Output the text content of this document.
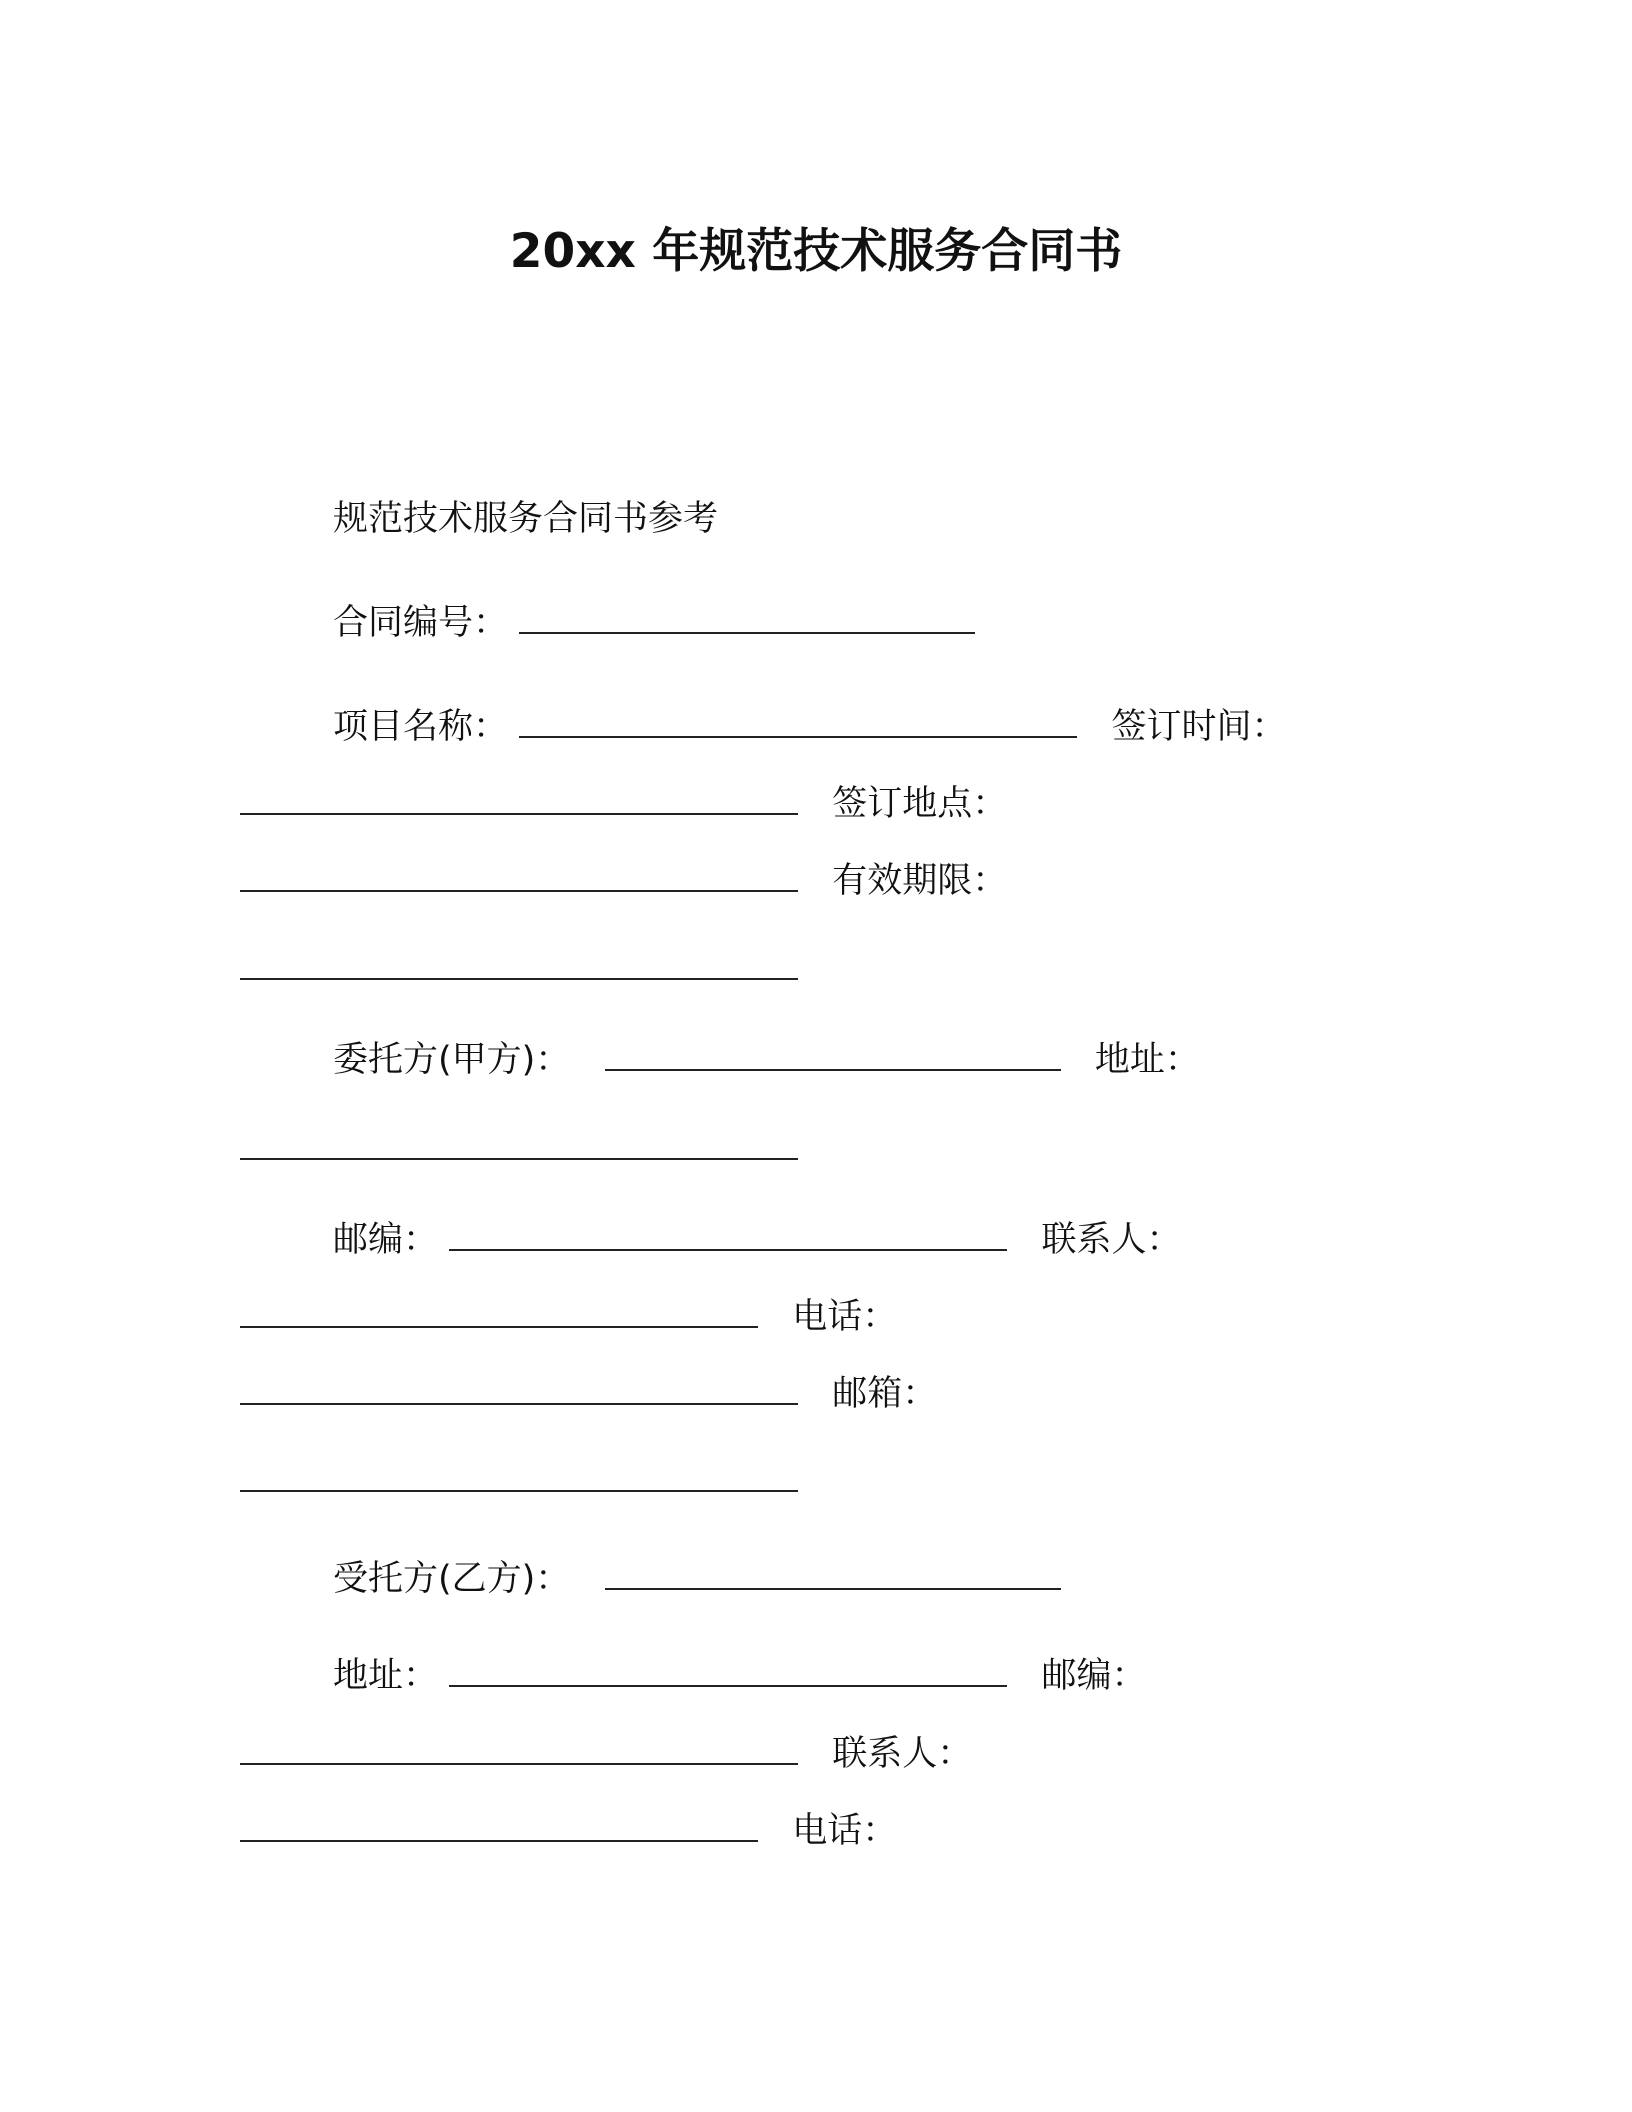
20xx 年规范技术服务合同书
规范技术服务合同书参考
合同编号：
项目名称：	签订时间：
签订地点：
有效期限：
委托方(甲方)：	地址：
邮编：	联系人：
电话：
邮箱：
受托方(乙方)：
地址：	邮编：
联系人：
电话：
